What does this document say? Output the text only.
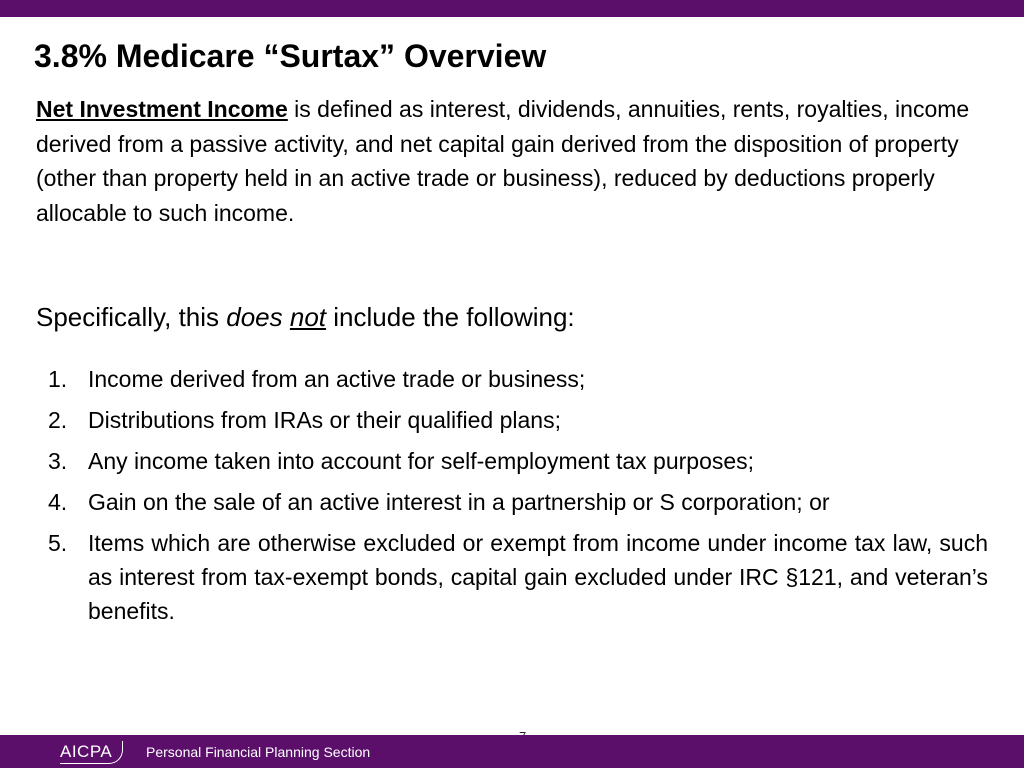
3.8% Medicare “Surtax” Overview

Net Investment Income is defined as interest, dividends, annuities, rents, royalties, income derived from a passive activity, and net capital gain derived from the disposition of property (other than property held in an active trade or business), reduced by deductions properly allocable to such income.

Specifically, this does not include the following:

1. Income derived from an active trade or business;
2. Distributions from IRAs or their qualified plans;
3. Any income taken into account for self-employment tax purposes;
4. Gain on the sale of an active interest in a partnership or S corporation; or
5. Items which are otherwise excluded or exempt from income under income tax law, such as interest from tax-exempt bonds, capital gain excluded under IRC §121, and veteran’s benefits.
AICPA	Personal Financial Planning Section
